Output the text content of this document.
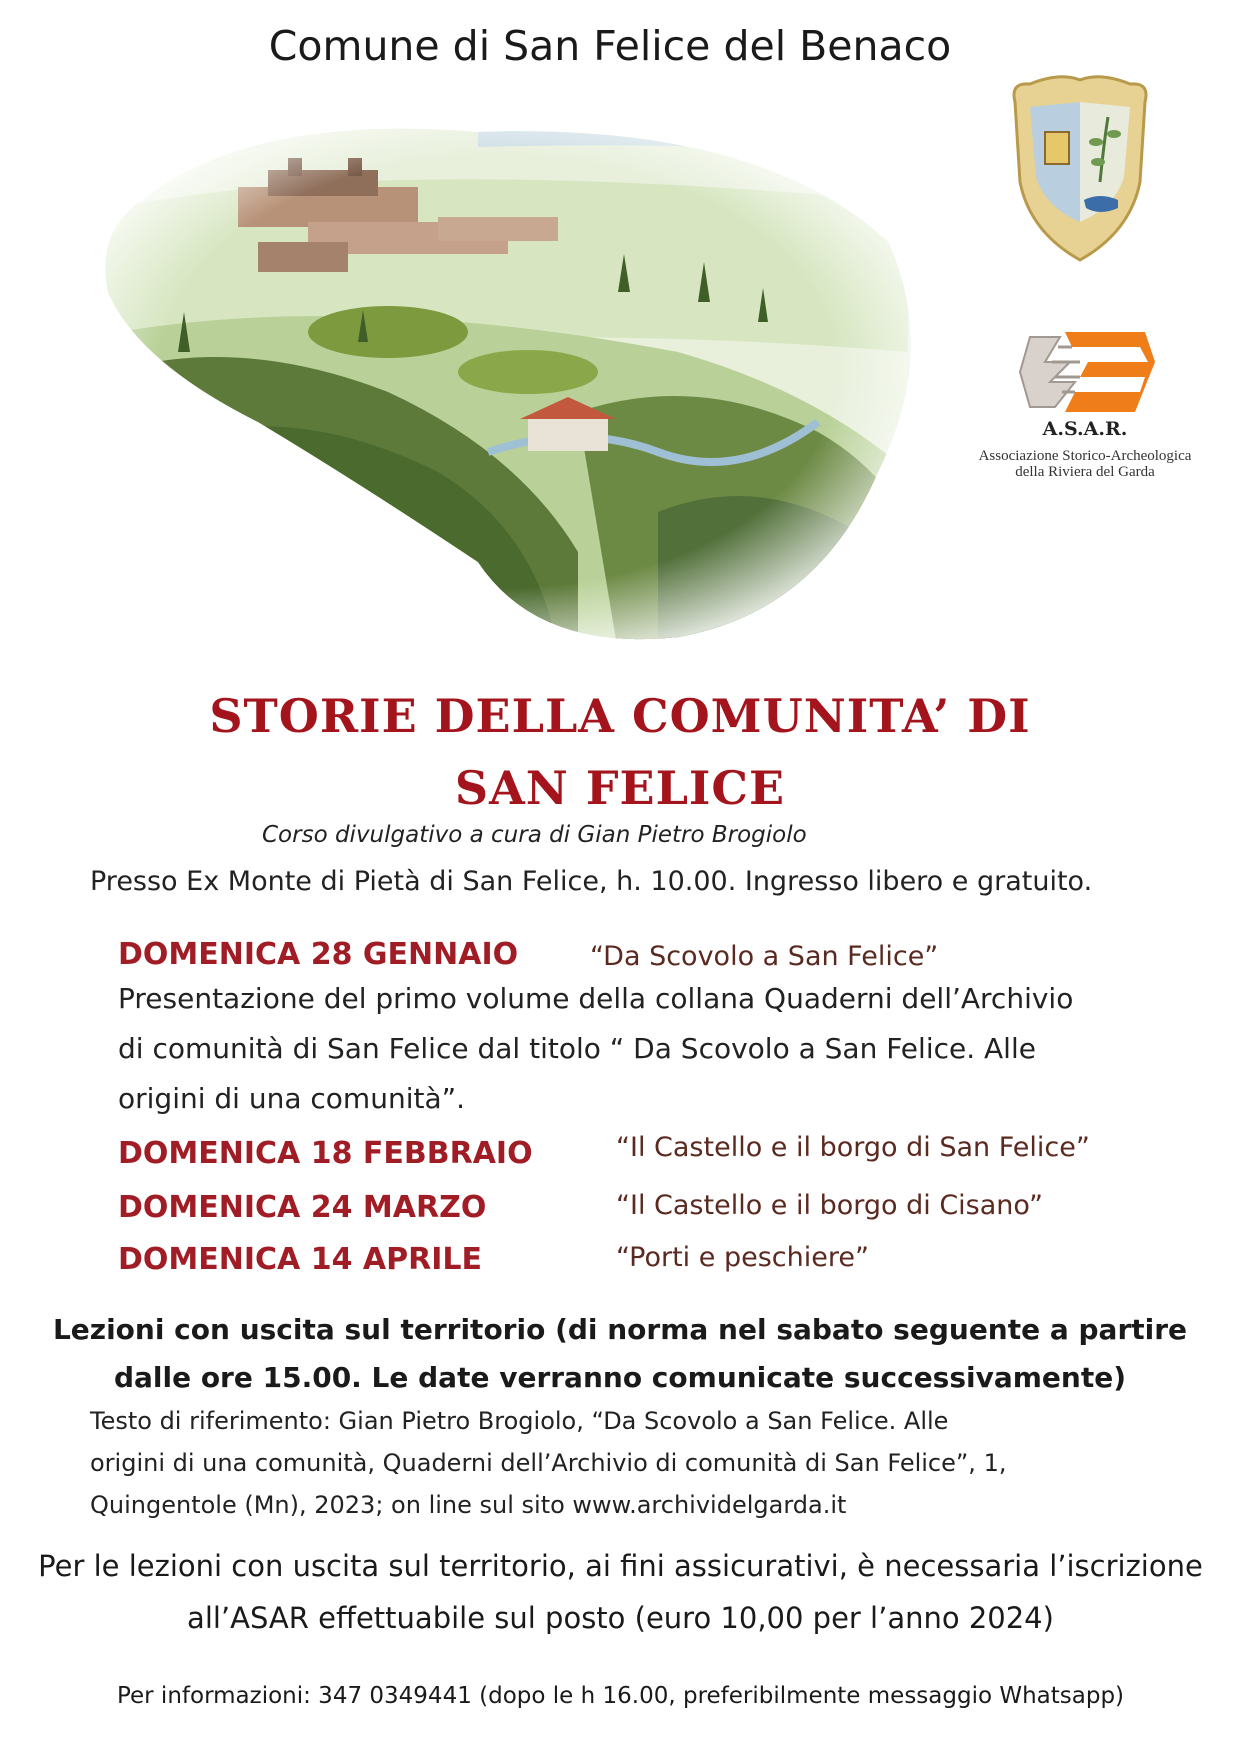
Comune di San Felice del Benaco
A.S.A.R.
Associazione Storico-Archeologica
della Riviera del Garda
STORIE DELLA COMUNITA’ DI
SAN FELICE
Corso divulgativo a cura di Gian Pietro Brogiolo
Presso Ex Monte di Pietà di San Felice, h. 10.00. Ingresso libero e gratuito.
DOMENICA 28 GENNAIO	“Da Scovolo a San Felice”
Presentazione del primo volume della collana Quaderni dell’Archivio
di comunità di San Felice dal titolo “ Da Scovolo a San Felice. Alle
origini di una comunità”.
DOMENICA 18 FEBBRAIO	“Il Castello e il borgo di San Felice”
DOMENICA 24 MARZO	“Il Castello e il borgo di Cisano”
DOMENICA 14 APRILE	“Porti e peschiere”
Lezioni con uscita sul territorio (di norma nel sabato seguente a partire
dalle ore 15.00. Le date verranno comunicate successivamente)
Testo di riferimento: Gian Pietro Brogiolo, “Da Scovolo a San Felice. Alle
origini di una comunità, Quaderni dell’Archivio di comunità di San Felice”, 1,
Quingentole (Mn), 2023; on line sul sito www.archividelgarda.it
Per le lezioni con uscita sul territorio, ai fini assicurativi, è necessaria l’iscrizione
all’ASAR effettuabile sul posto (euro 10,00 per l’anno 2024)
Per informazioni: 347 0349441 (dopo le h 16.00, preferibilmente messaggio Whatsapp)
